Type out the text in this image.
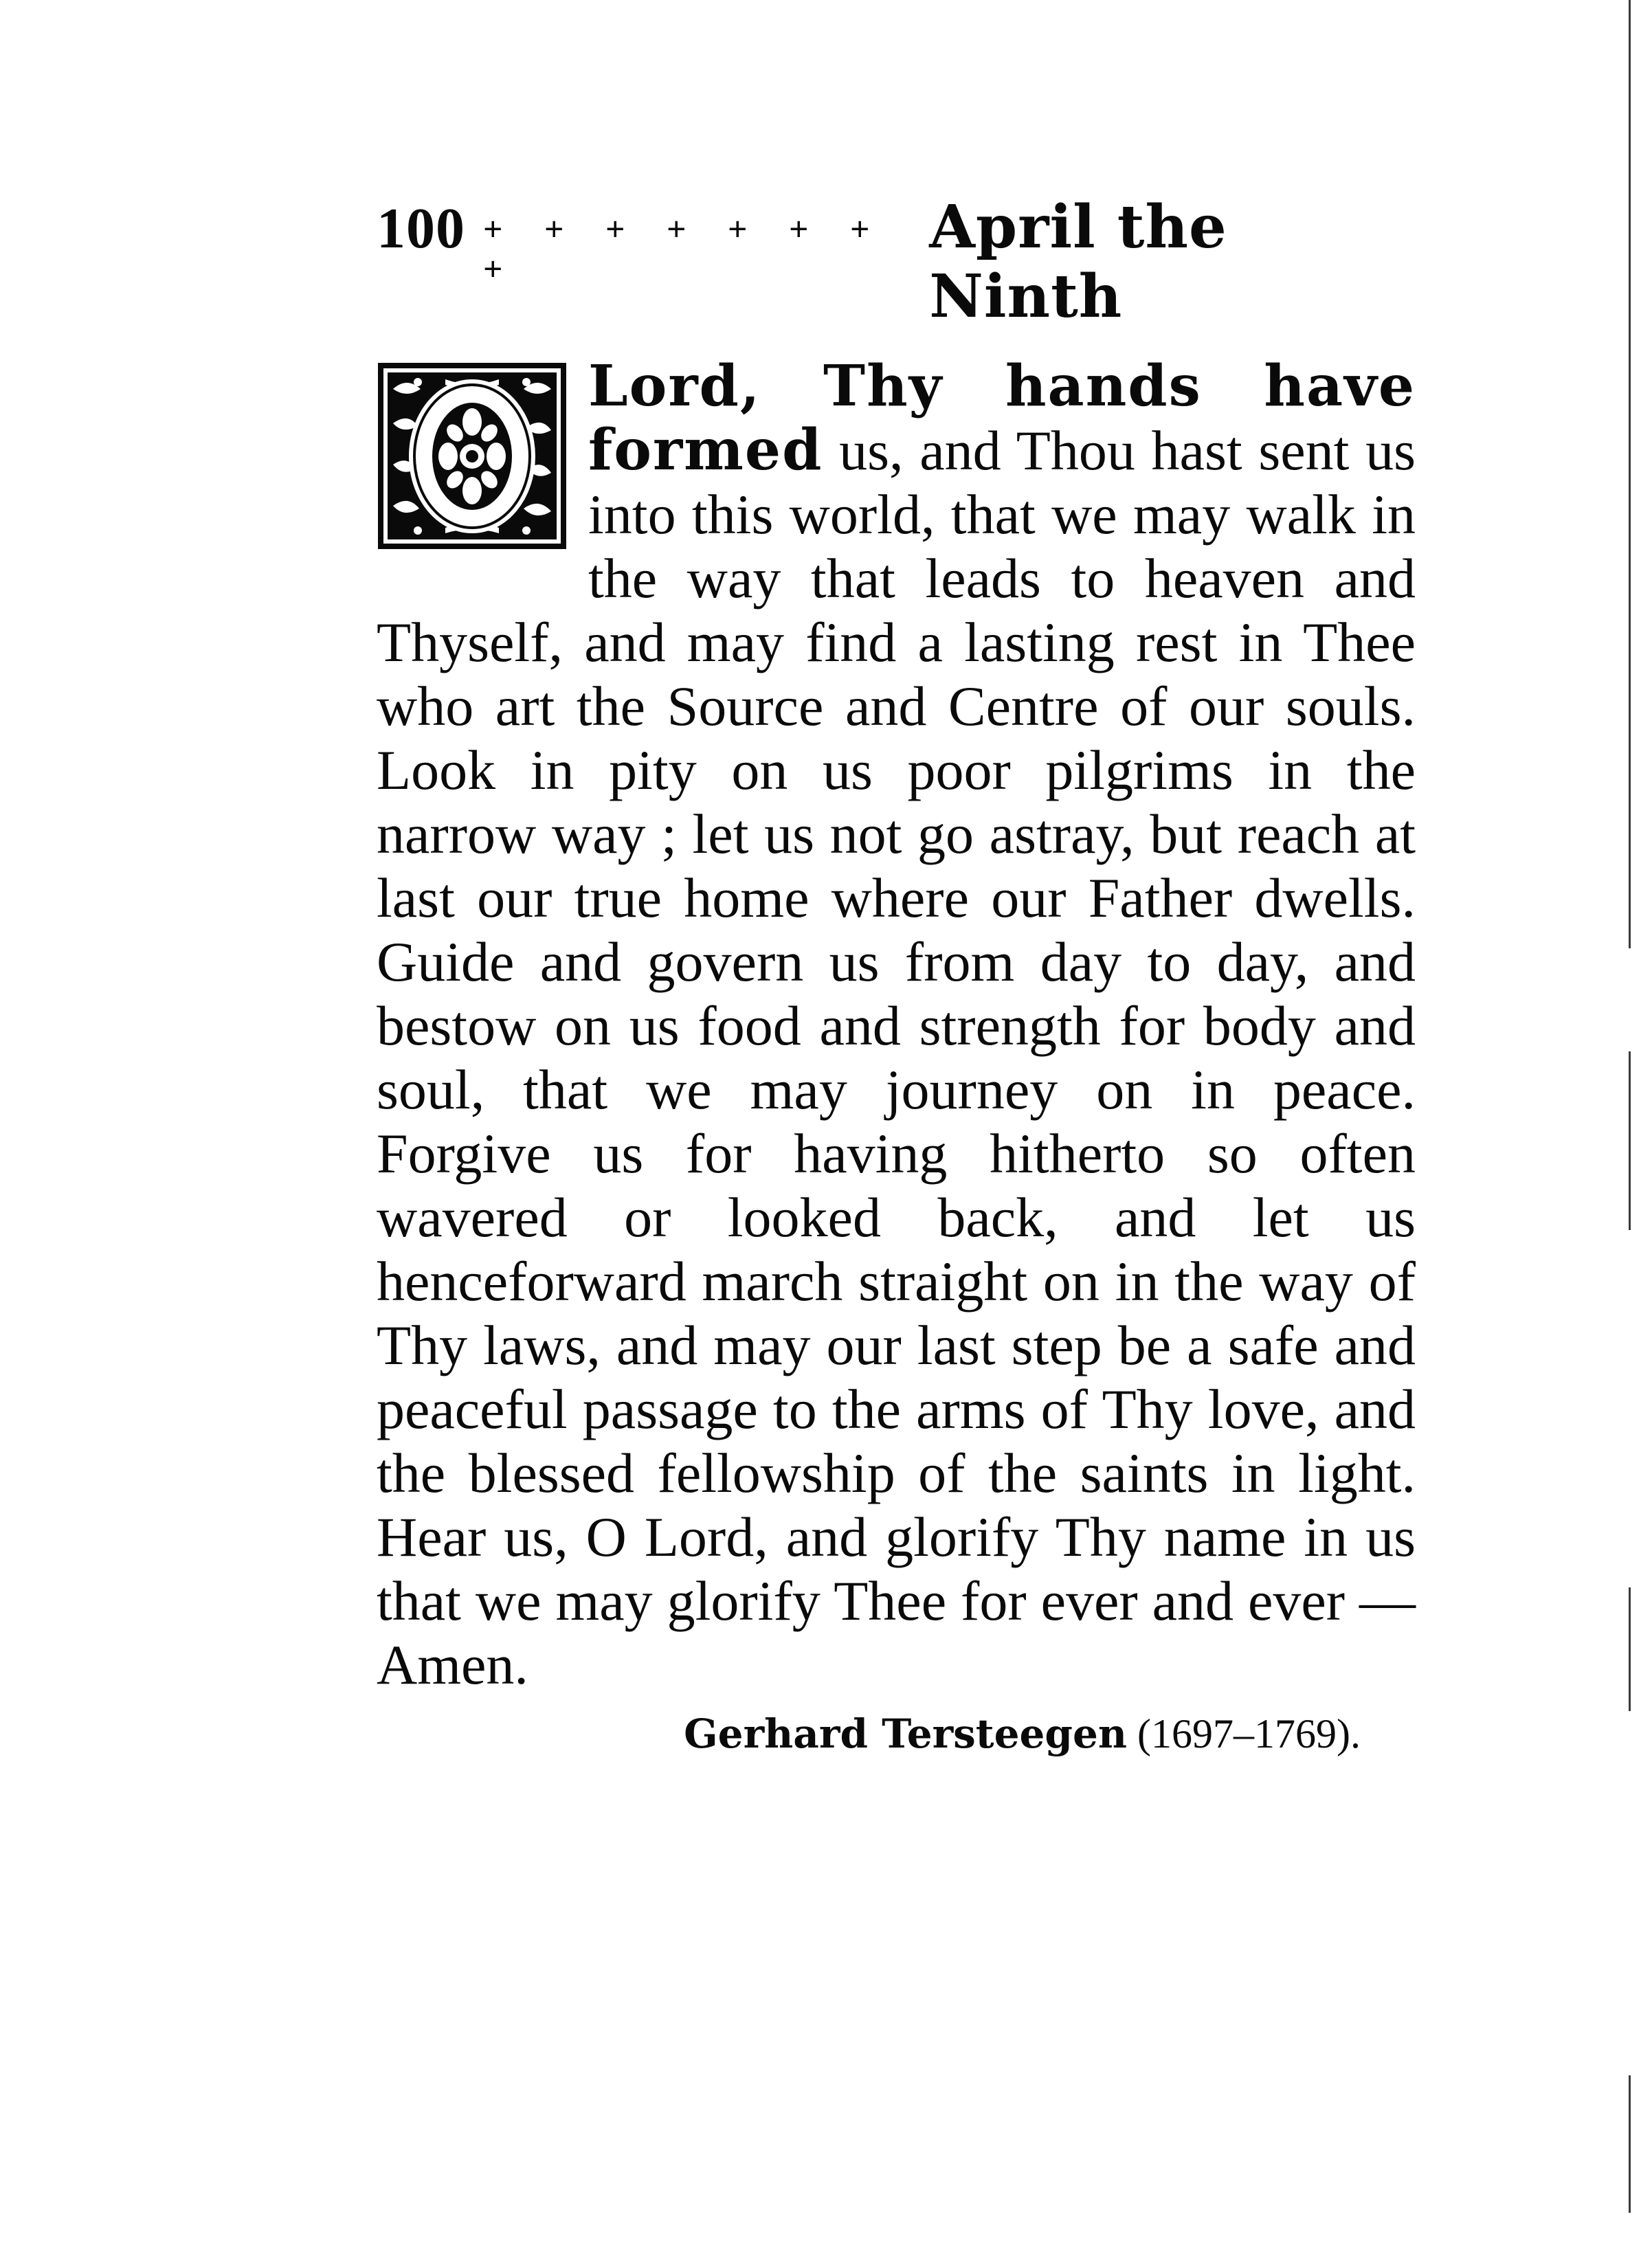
100 + + + + + + + +
April the Ninth
Lord, Thy hands have formed us, and Thou hast sent us into this world, that we may walk in the way that leads to heaven and Thyself, and may find a lasting rest in Thee who art the Source and Centre of our souls. Look in pity on us poor pilgrims in the narrow way ; let us not go astray, but reach at last our true home where our Father dwells. Guide and govern us from day to day, and bestow on us food and strength for body and soul, that we may journey on in peace. Forgive us for having hitherto so often wavered or looked back, and let us henceforward march straight on in the way of Thy laws, and may our last step be a safe and peaceful passage to the arms of Thy love, and the blessed fellowship of the saints in light. Hear us, O Lord, and glorify Thy name in us that we may glorify Thee for ever and ever —Amen.
Gerhard Tersteegen (1697–1769).
